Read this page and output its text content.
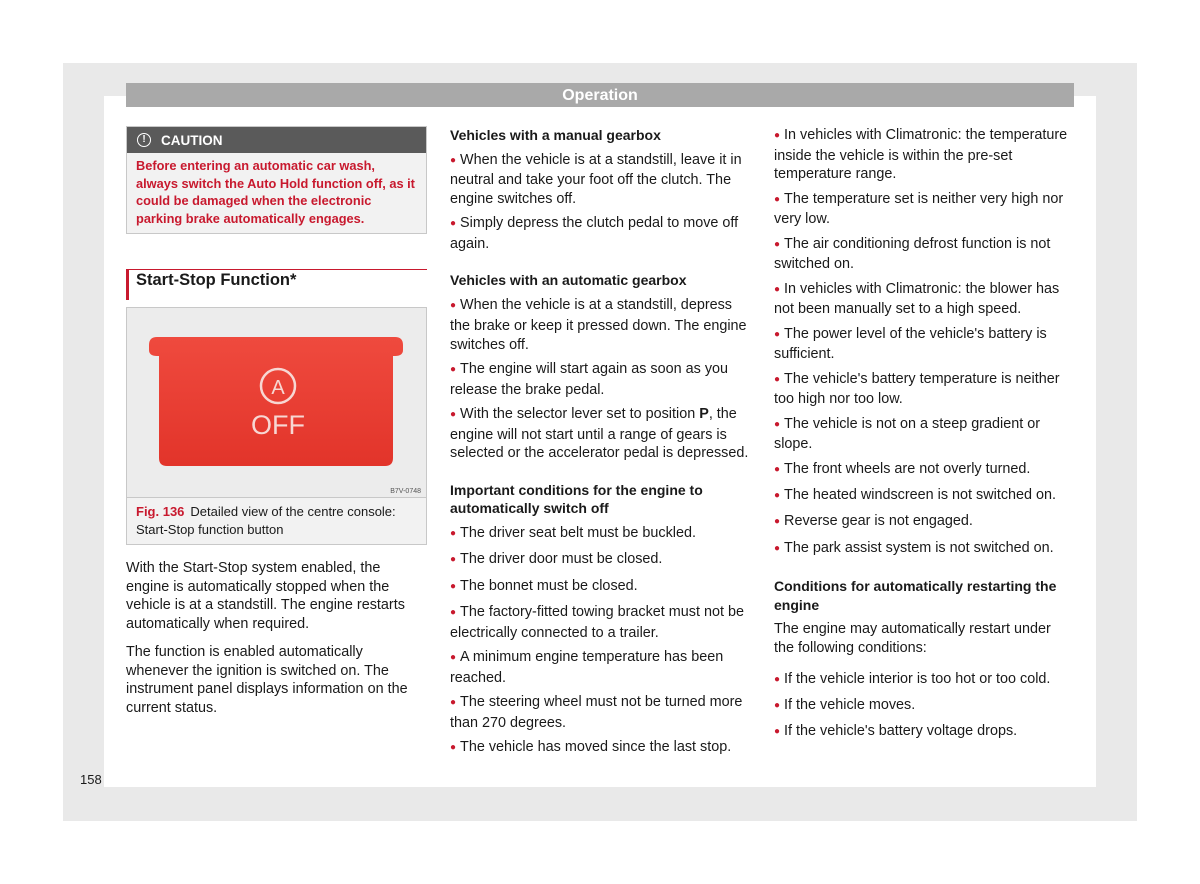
Operation
!	CAUTION
Before entering an automatic car wash, always switch the Auto Hold function off, as it could be damaged when the electronic parking brake automatically engages.
Start-Stop Function*
A
OFF
B7V-0748
Fig. 136 Detailed view of the centre console: Start-Stop function button

With the Start-Stop system enabled, the engine is automatically stopped when the vehicle is at a standstill. The engine restarts automatically when required.

The function is enabled automatically whenever the ignition is switched on. The instrument panel displays information on the current status.

Vehicles with a manual gearbox
● When the vehicle is at a standstill, leave it in neutral and take your foot off the clutch. The engine switches off.
● Simply depress the clutch pedal to move off again.
Vehicles with an automatic gearbox
● When the vehicle is at a standstill, depress the brake or keep it pressed down. The engine switches off.
● The engine will start again as soon as you release the brake pedal.
● With the selector lever set to position P, the engine will not start until a range of gears is selected or the accelerator pedal is depressed.
Important conditions for the engine to automatically switch off
● The driver seat belt must be buckled.
● The driver door must be closed.
● The bonnet must be closed.
● The factory-fitted towing bracket must not be electrically connected to a trailer.
● A minimum engine temperature has been reached.
● The steering wheel must not be turned more than 270 degrees.
● The vehicle has moved since the last stop.
● In vehicles with Climatronic: the temperature inside the vehicle is within the pre-set temperature range.
● The temperature set is neither very high nor very low.
● The air conditioning defrost function is not switched on.
● In vehicles with Climatronic: the blower has not been manually set to a high speed.
● The power level of the vehicle's battery is sufficient.
● The vehicle's battery temperature is neither too high nor too low.
● The vehicle is not on a steep gradient or slope.
● The front wheels are not overly turned.
● The heated windscreen is not switched on.
● Reverse gear is not engaged.
● The park assist system is not switched on.
Conditions for automatically restarting the engine

The engine may automatically restart under the following conditions:

● If the vehicle interior is too hot or too cold.
● If the vehicle moves.
● If the vehicle's battery voltage drops.
158
